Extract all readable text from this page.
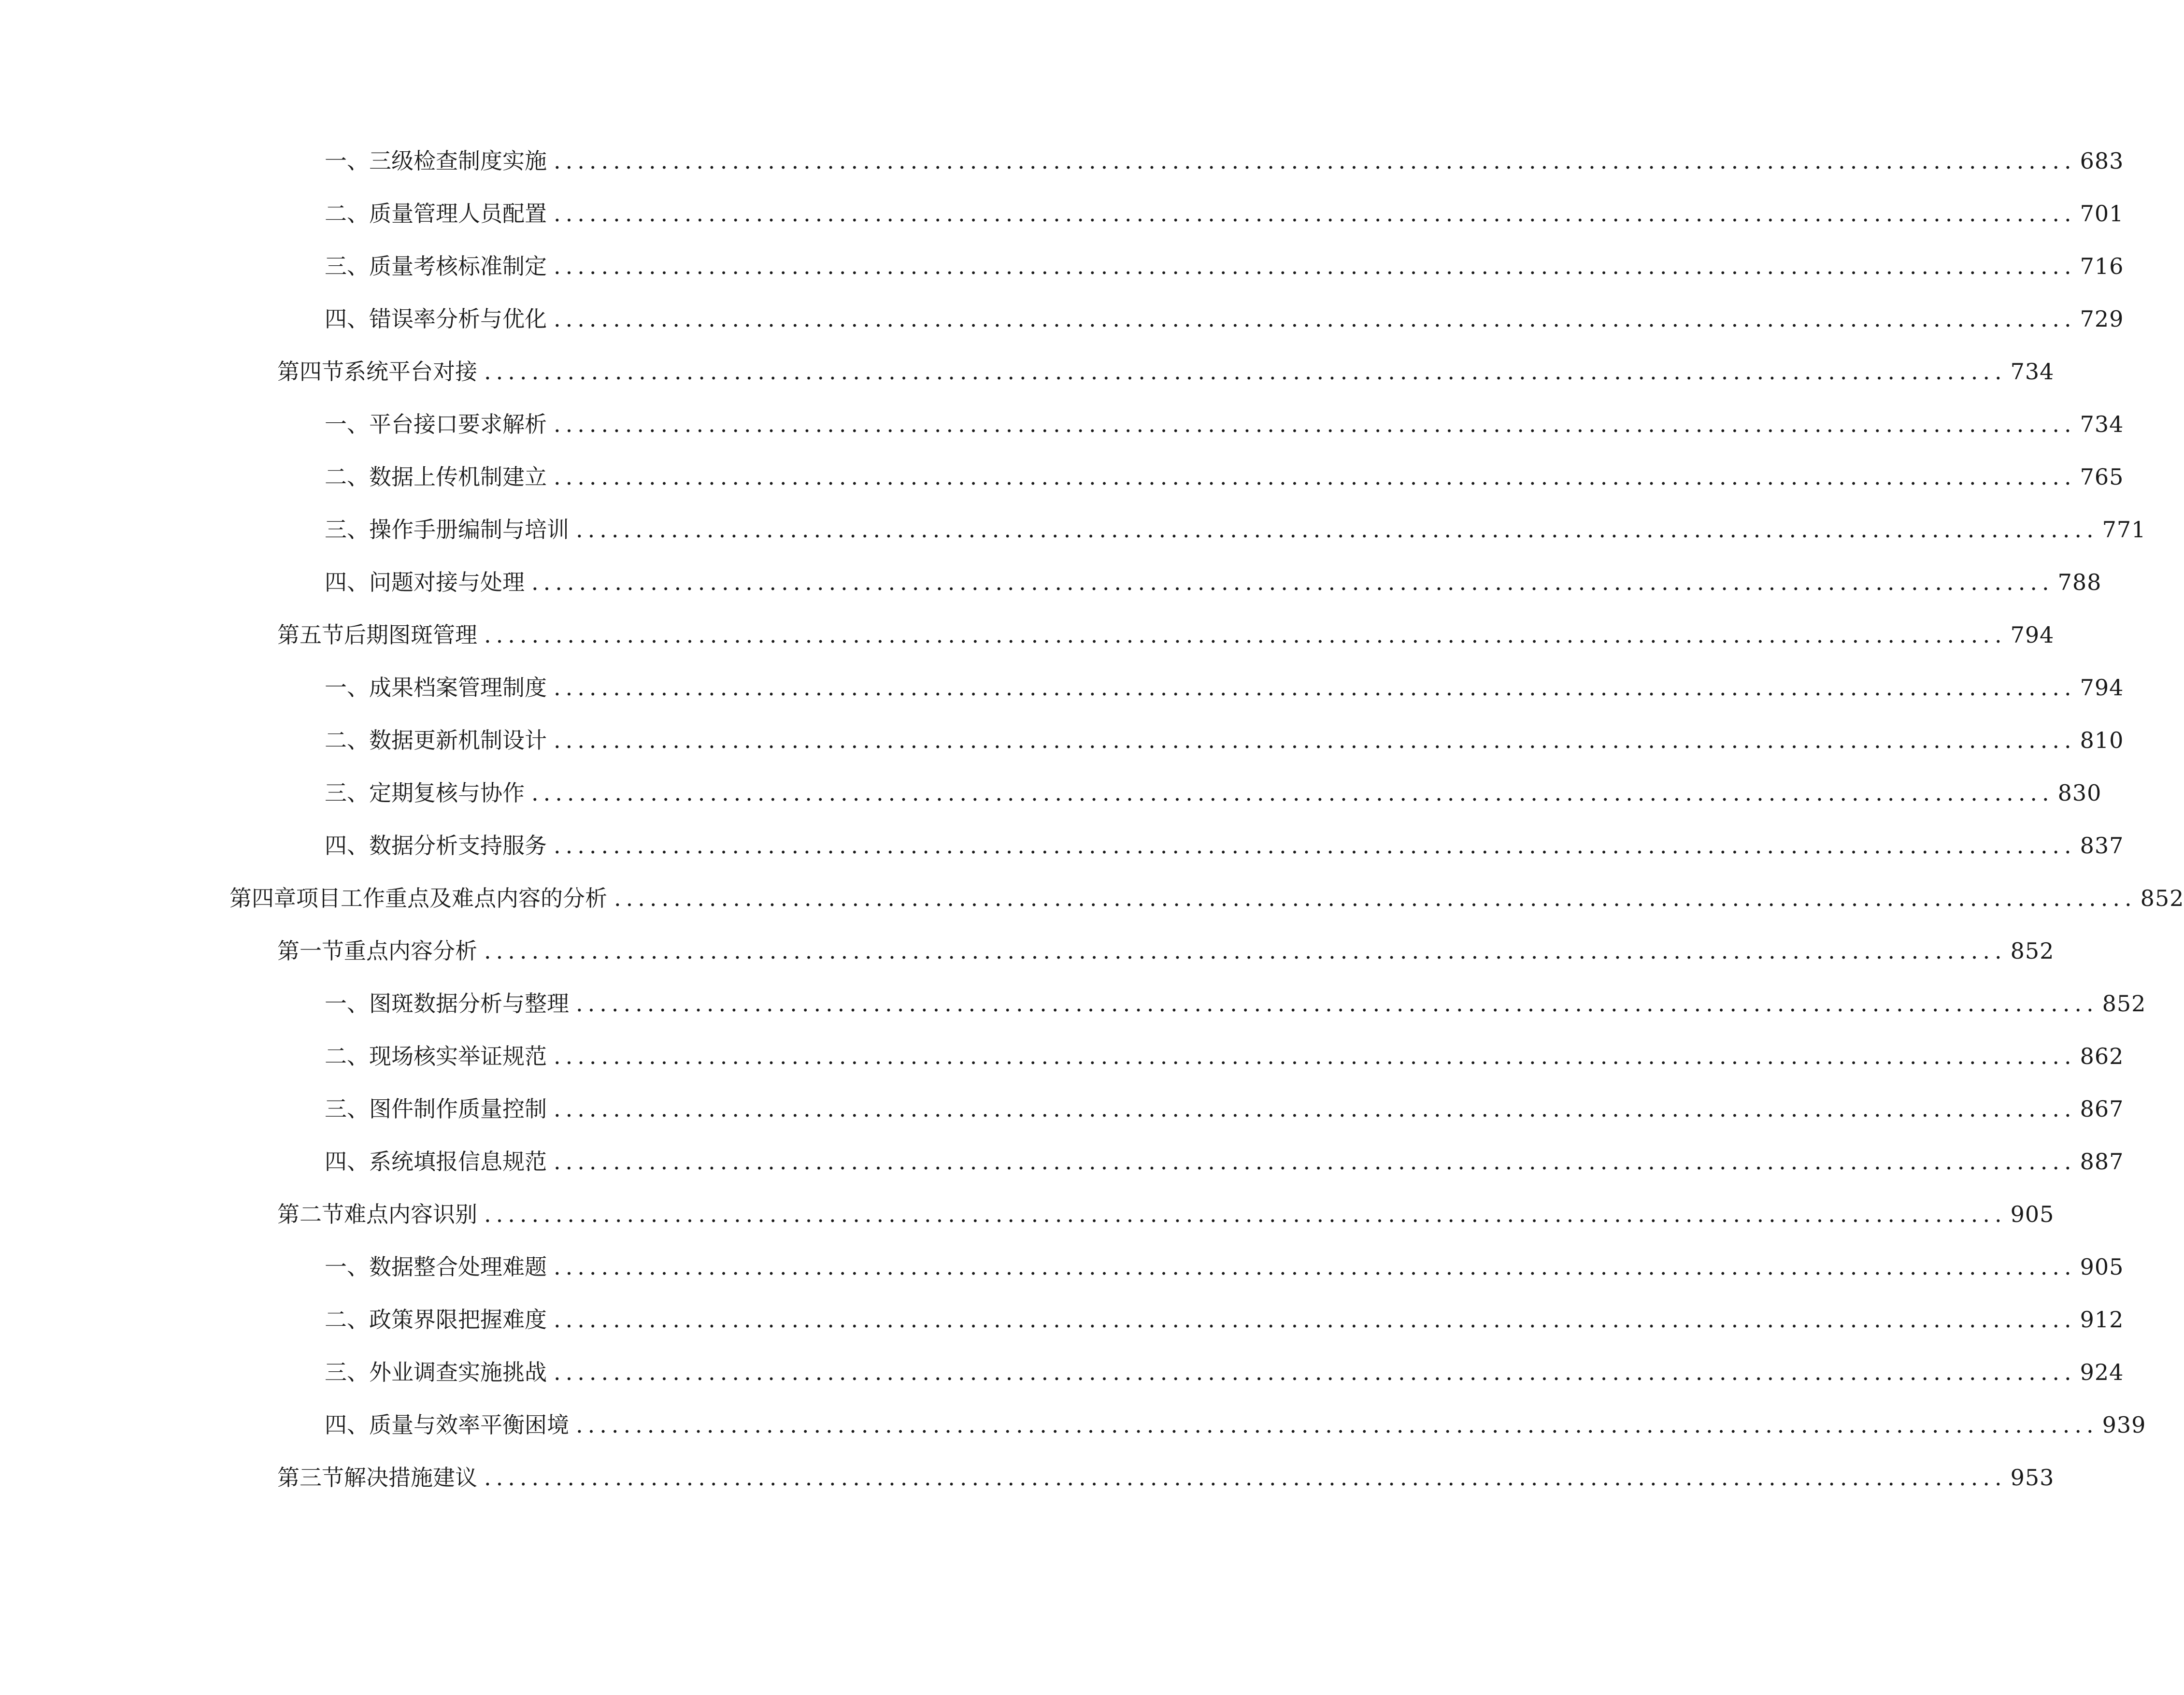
一、 三级检查制度实施 ................................................................................................................................ 683
二、 质量管理人员配置 ................................................................................................................................ 701
三、 质量考核标准制定 ................................................................................................................................ 716
四、 错误率分析与优化 ................................................................................................................................ 729
第四节 系统平台对接 ................................................................................................................................ 734
一、 平台接口要求解析 ................................................................................................................................ 734
二、 数据上传机制建立 ................................................................................................................................ 765
三、 操作手册编制与培训 ................................................................................................................................ 771
四、 问题对接与处理 ................................................................................................................................ 788
第五节 后期图斑管理 ................................................................................................................................ 794
一、 成果档案管理制度 ................................................................................................................................ 794
二、 数据更新机制设计 ................................................................................................................................ 810
三、 定期复核与协作 ................................................................................................................................ 830
四、 数据分析支持服务 ................................................................................................................................ 837
第四章 项目工作重点及难点内容的分析 ................................................................................................................................ 852
第一节 重点内容分析 ................................................................................................................................ 852
一、 图斑数据分析与整理 ................................................................................................................................ 852
二、 现场核实举证规范 ................................................................................................................................ 862
三、 图件制作质量控制 ................................................................................................................................ 867
四、 系统填报信息规范 ................................................................................................................................ 887
第二节 难点内容识别 ................................................................................................................................ 905
一、 数据整合处理难题 ................................................................................................................................ 905
二、 政策界限把握难度 ................................................................................................................................ 912
三、 外业调查实施挑战 ................................................................................................................................ 924
四、 质量与效率平衡困境 ................................................................................................................................ 939
第三节 解决措施建议 ................................................................................................................................ 953
